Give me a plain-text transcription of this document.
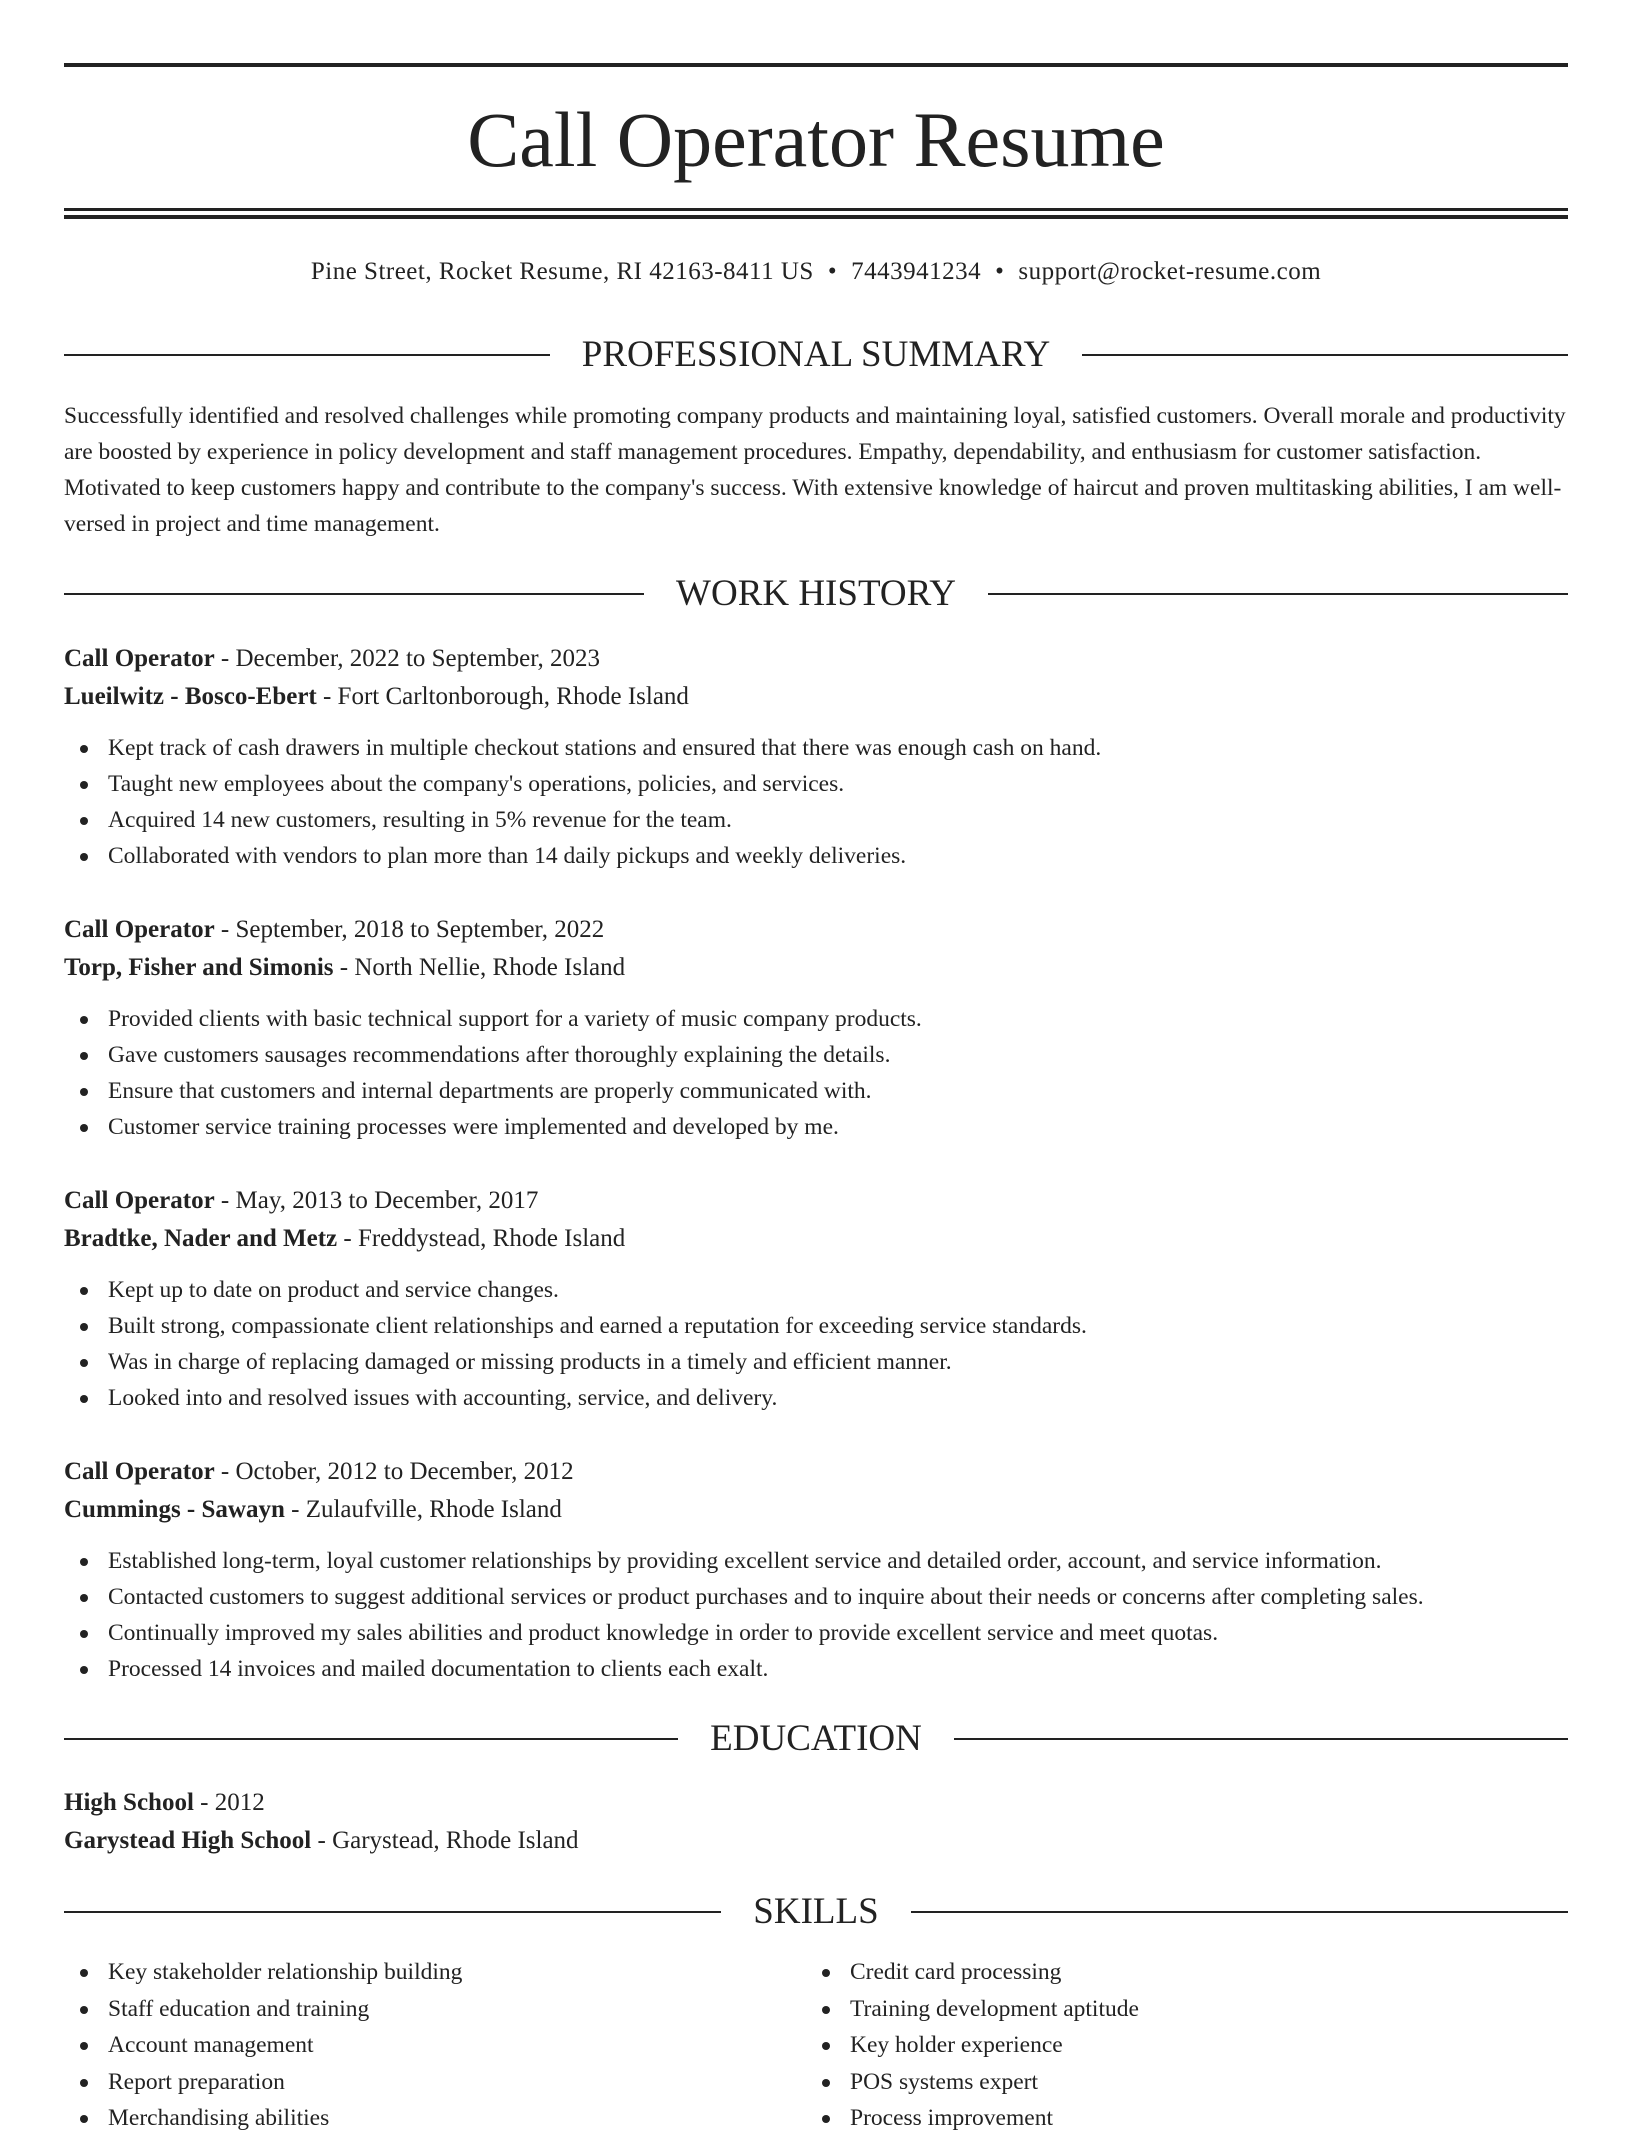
Call Operator Resume
Pine Street, Rocket Resume, RI 42163-8411 US • 7443941234 • support@rocket-resume.com
PROFESSIONAL SUMMARY

Successfully identified and resolved challenges while promoting company products and maintaining loyal, satisfied customers. Overall morale and productivity are boosted by experience in policy development and staff management procedures. Empathy, dependability, and enthusiasm for customer satisfaction. Motivated to keep customers happy and contribute to the company's success. With extensive knowledge of haircut and proven multitasking abilities, I am well-versed in project and time management.

WORK HISTORY
Call Operator - December, 2022 to September, 2023
Lueilwitz - Bosco-Ebert - Fort Carltonborough, Rhode Island
Kept track of cash drawers in multiple checkout stations and ensured that there was enough cash on hand.
Taught new employees about the company's operations, policies, and services.
Acquired 14 new customers, resulting in 5% revenue for the team.
Collaborated with vendors to plan more than 14 daily pickups and weekly deliveries.
Call Operator - September, 2018 to September, 2022
Torp, Fisher and Simonis - North Nellie, Rhode Island
Provided clients with basic technical support for a variety of music company products.
Gave customers sausages recommendations after thoroughly explaining the details.
Ensure that customers and internal departments are properly communicated with.
Customer service training processes were implemented and developed by me.
Call Operator - May, 2013 to December, 2017
Bradtke, Nader and Metz - Freddystead, Rhode Island
Kept up to date on product and service changes.
Built strong, compassionate client relationships and earned a reputation for exceeding service standards.
Was in charge of replacing damaged or missing products in a timely and efficient manner.
Looked into and resolved issues with accounting, service, and delivery.
Call Operator - October, 2012 to December, 2012
Cummings - Sawayn - Zulaufville, Rhode Island
Established long-term, loyal customer relationships by providing excellent service and detailed order, account, and service information.
Contacted customers to suggest additional services or product purchases and to inquire about their needs or concerns after completing sales.
Continually improved my sales abilities and product knowledge in order to provide excellent service and meet quotas.
Processed 14 invoices and mailed documentation to clients each exalt.
EDUCATION
High School - 2012
Garystead High School - Garystead, Rhode Island
SKILLS
Key stakeholder relationship building
Staff education and training
Account management
Report preparation
Merchandising abilities
Credit card processing
Training development aptitude
Key holder experience
POS systems expert
Process improvement
